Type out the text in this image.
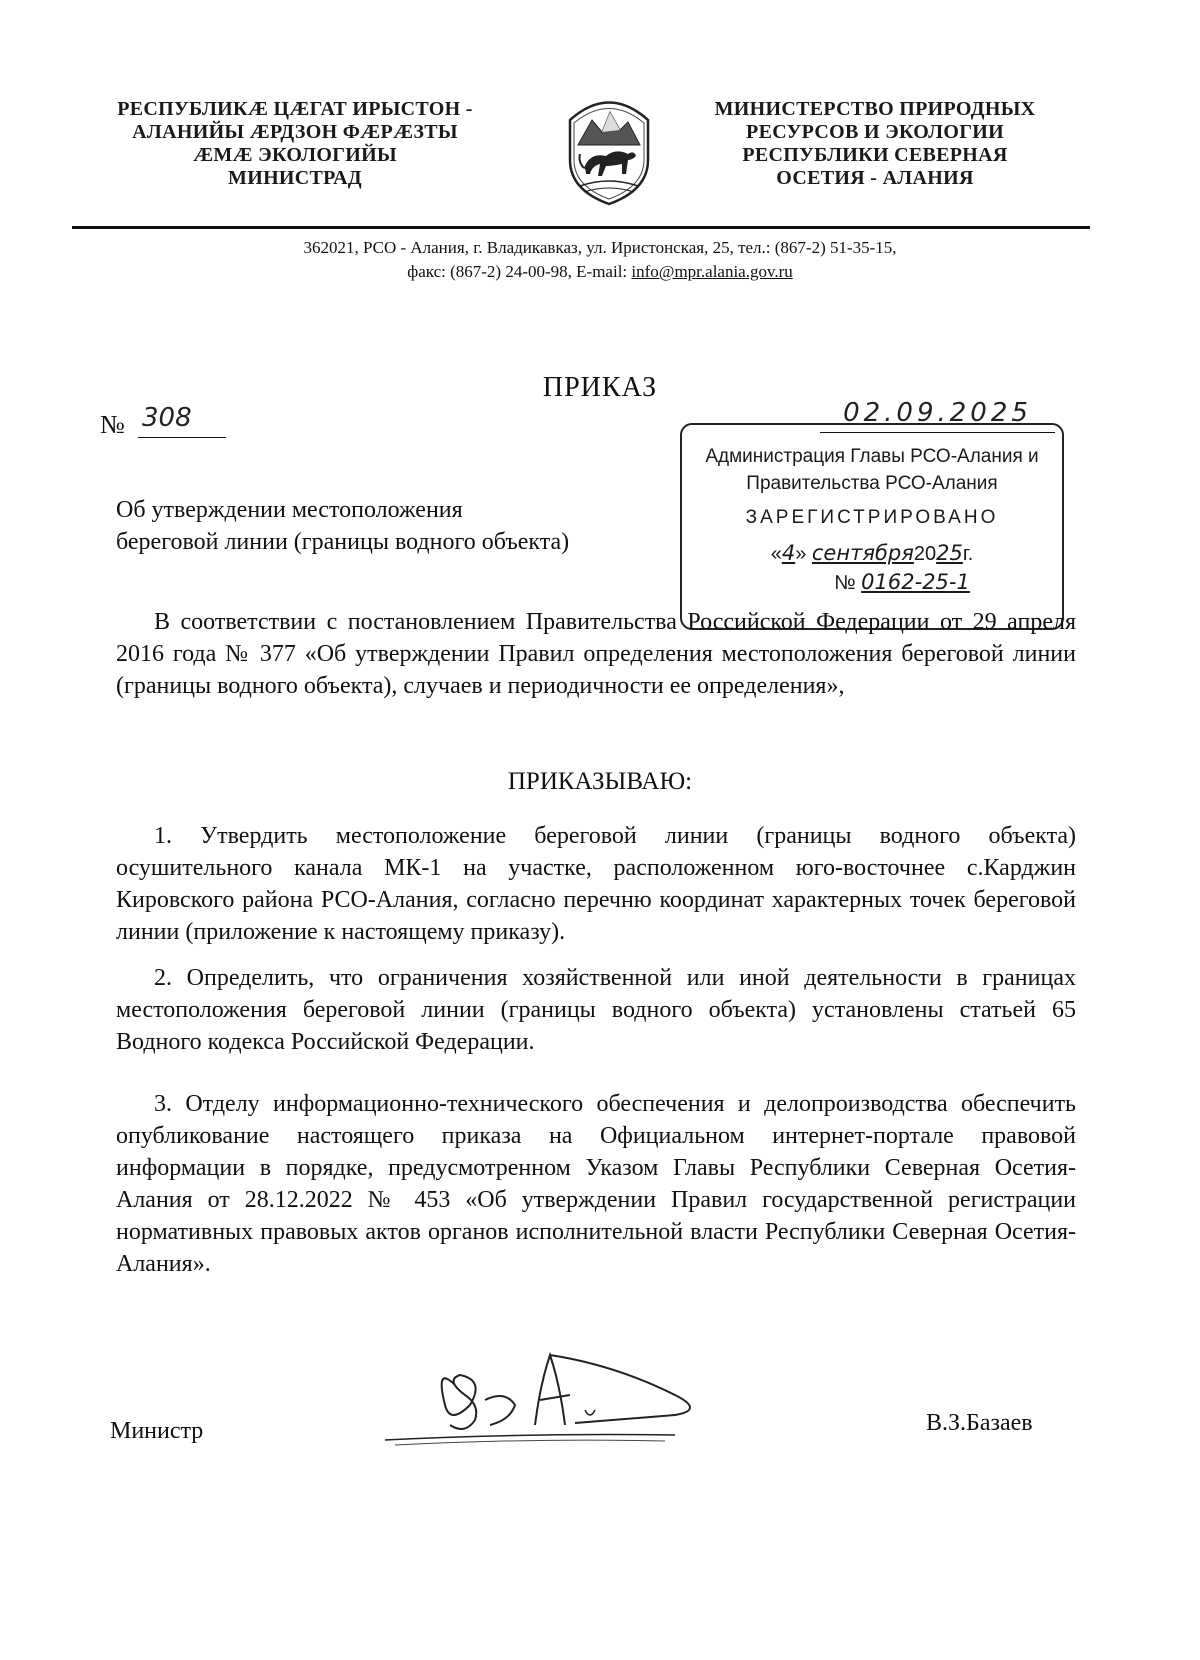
РЕСПУБЛИКӔ ЦӔГАТ ИРЫСТОН -
АЛАНИЙЫ ӔРДЗОН ФӔРӔЗТЫ
ӔМӔ ЭКОЛОГИЙЫ
МИНИСТРАД
МИНИСТЕРСТВО ПРИРОДНЫХ
РЕСУРСОВ И ЭКОЛОГИИ
РЕСПУБЛИКИ СЕВЕРНАЯ
ОСЕТИЯ - АЛАНИЯ
362021, РСО - Алания, г. Владикавказ, ул. Иристонская, 25, тел.: (867-2) 51-35-15,
факс: (867-2) 24-00-98, E-mail: info@mpr.alania.gov.ru
ПРИКАЗ
№ 308	02.09.2025
Администрация Главы РСО-Алания и
Правительства РСО-Алания
ЗАРЕГИСТРИРОВАНО
«4» сентября2025г.
№ 0162-25-1
Об утверждении местоположения
береговой линии (границы водного объекта)
В соответствии с постановлением Правительства Российской Федерации от 29 апреля 2016 года № 377 «Об утверждении Правил определения местоположения береговой линии (границы водного объекта), случаев и периодичности ее определения»,
ПРИКАЗЫВАЮ:
1. Утвердить местоположение береговой линии (границы водного объекта) осушительного канала МК-1 на участке, расположенном юго-восточнее с.Карджин Кировского района РСО-Алания, согласно перечню координат характерных точек береговой линии (приложение к настоящему приказу).
2. Определить, что ограничения хозяйственной или иной деятельности в границах местоположения береговой линии (границы водного объекта) установлены статьей 65 Водного кодекса Российской Федерации.
3. Отделу информационно-технического обеспечения и делопроизводства обеспечить опубликование настоящего приказа на Официальном интернет-портале правовой информации в порядке, предусмотренном Указом Главы Республики Северная Осетия-Алания от 28.12.2022 № 453 «Об утверждении Правил государственной регистрации нормативных правовых актов органов исполнительной власти Республики Северная Осетия-Алания».
Министр	В.З.Базаев
